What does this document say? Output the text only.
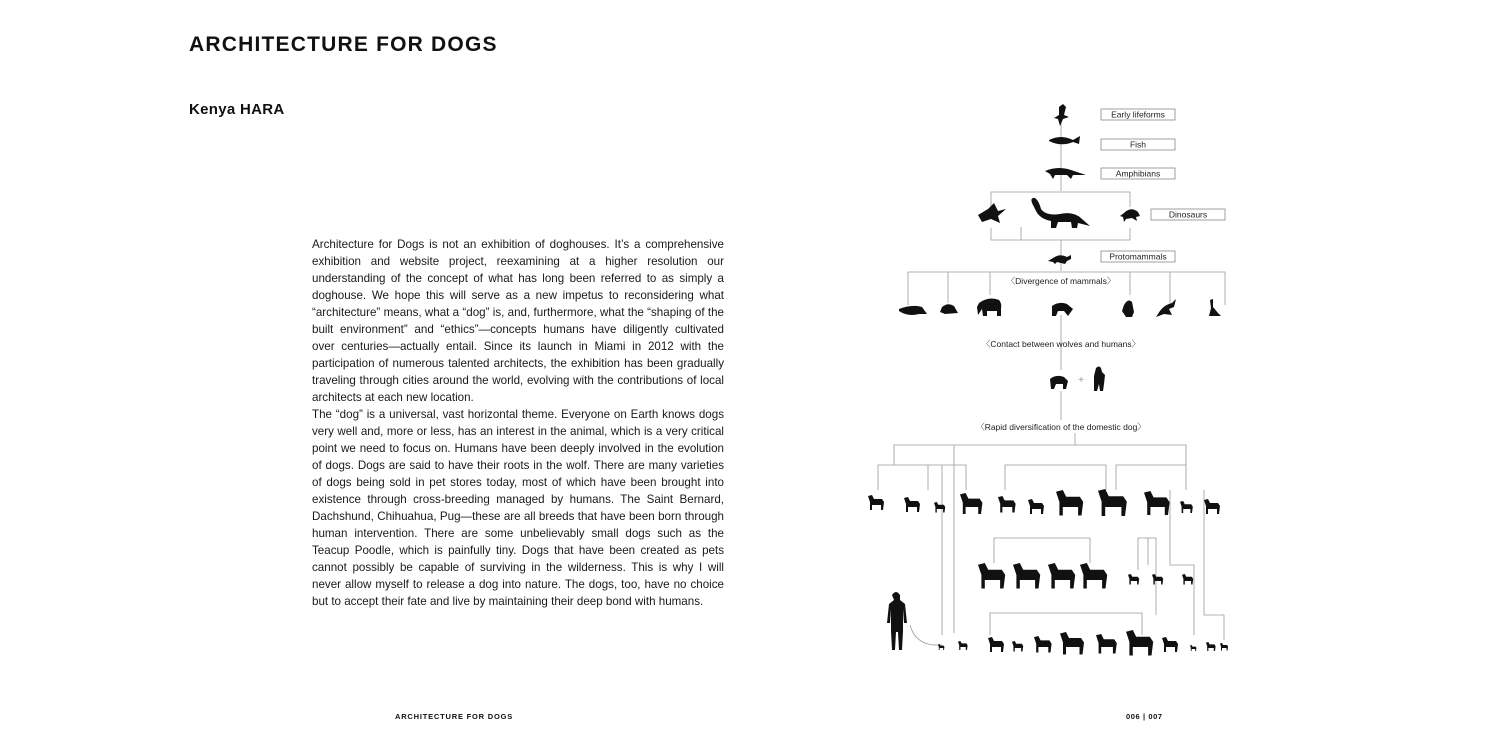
ARCHITECTURE FOR DOGS
Kenya HARA

Architecture for Dogs is not an exhibition of doghouses. It’s a comprehensive exhibition and website project, reexamining at a higher resolution our understanding of the concept of what has long been referred to as simply a doghouse. We hope this will serve as a new impetus to reconsidering what “architecture” means, what a “dog” is, and, furthermore, what the “shaping of the built environment” and “ethics”—concepts humans have diligently cultivated over centuries—actually entail. Since its launch in Miami in 2012 with the participation of numerous talented architects, the exhibition has been gradually traveling through cities around the world, evolving with the contributions of local architects at each new location.

The “dog” is a universal, vast horizontal theme. Everyone on Earth knows dogs very well and, more or less, has an interest in the animal, which is a very critical point we need to focus on. Humans have been deeply involved in the evolution of dogs. Dogs are said to have their roots in the wolf. There are many varieties of dogs being sold in pet stores today, most of which have been brought into existence through cross-breeding managed by humans. The Saint Bernard, Dachshund, Chihuahua, Pug—these are all breeds that have been born through human intervention. There are some unbelievably small dogs such as the Teacup Poodle, which is painfully tiny. Dogs that have been created as pets cannot possibly be capable of surviving in the wilderness. This is why I will never allow myself to release a dog into nature. The dogs, too, have no choice but to accept their fate and live by maintaining their deep bond with humans.

Early lifeforms
Fish
Amphibians
Dinosaurs
Protomammals
〈Divergence of mammals〉
〈Contact between wolves and humans〉
〈Rapid diversification of the domestic dog〉
+
ARCHITECTURE FOR DOGS	006 | 007
